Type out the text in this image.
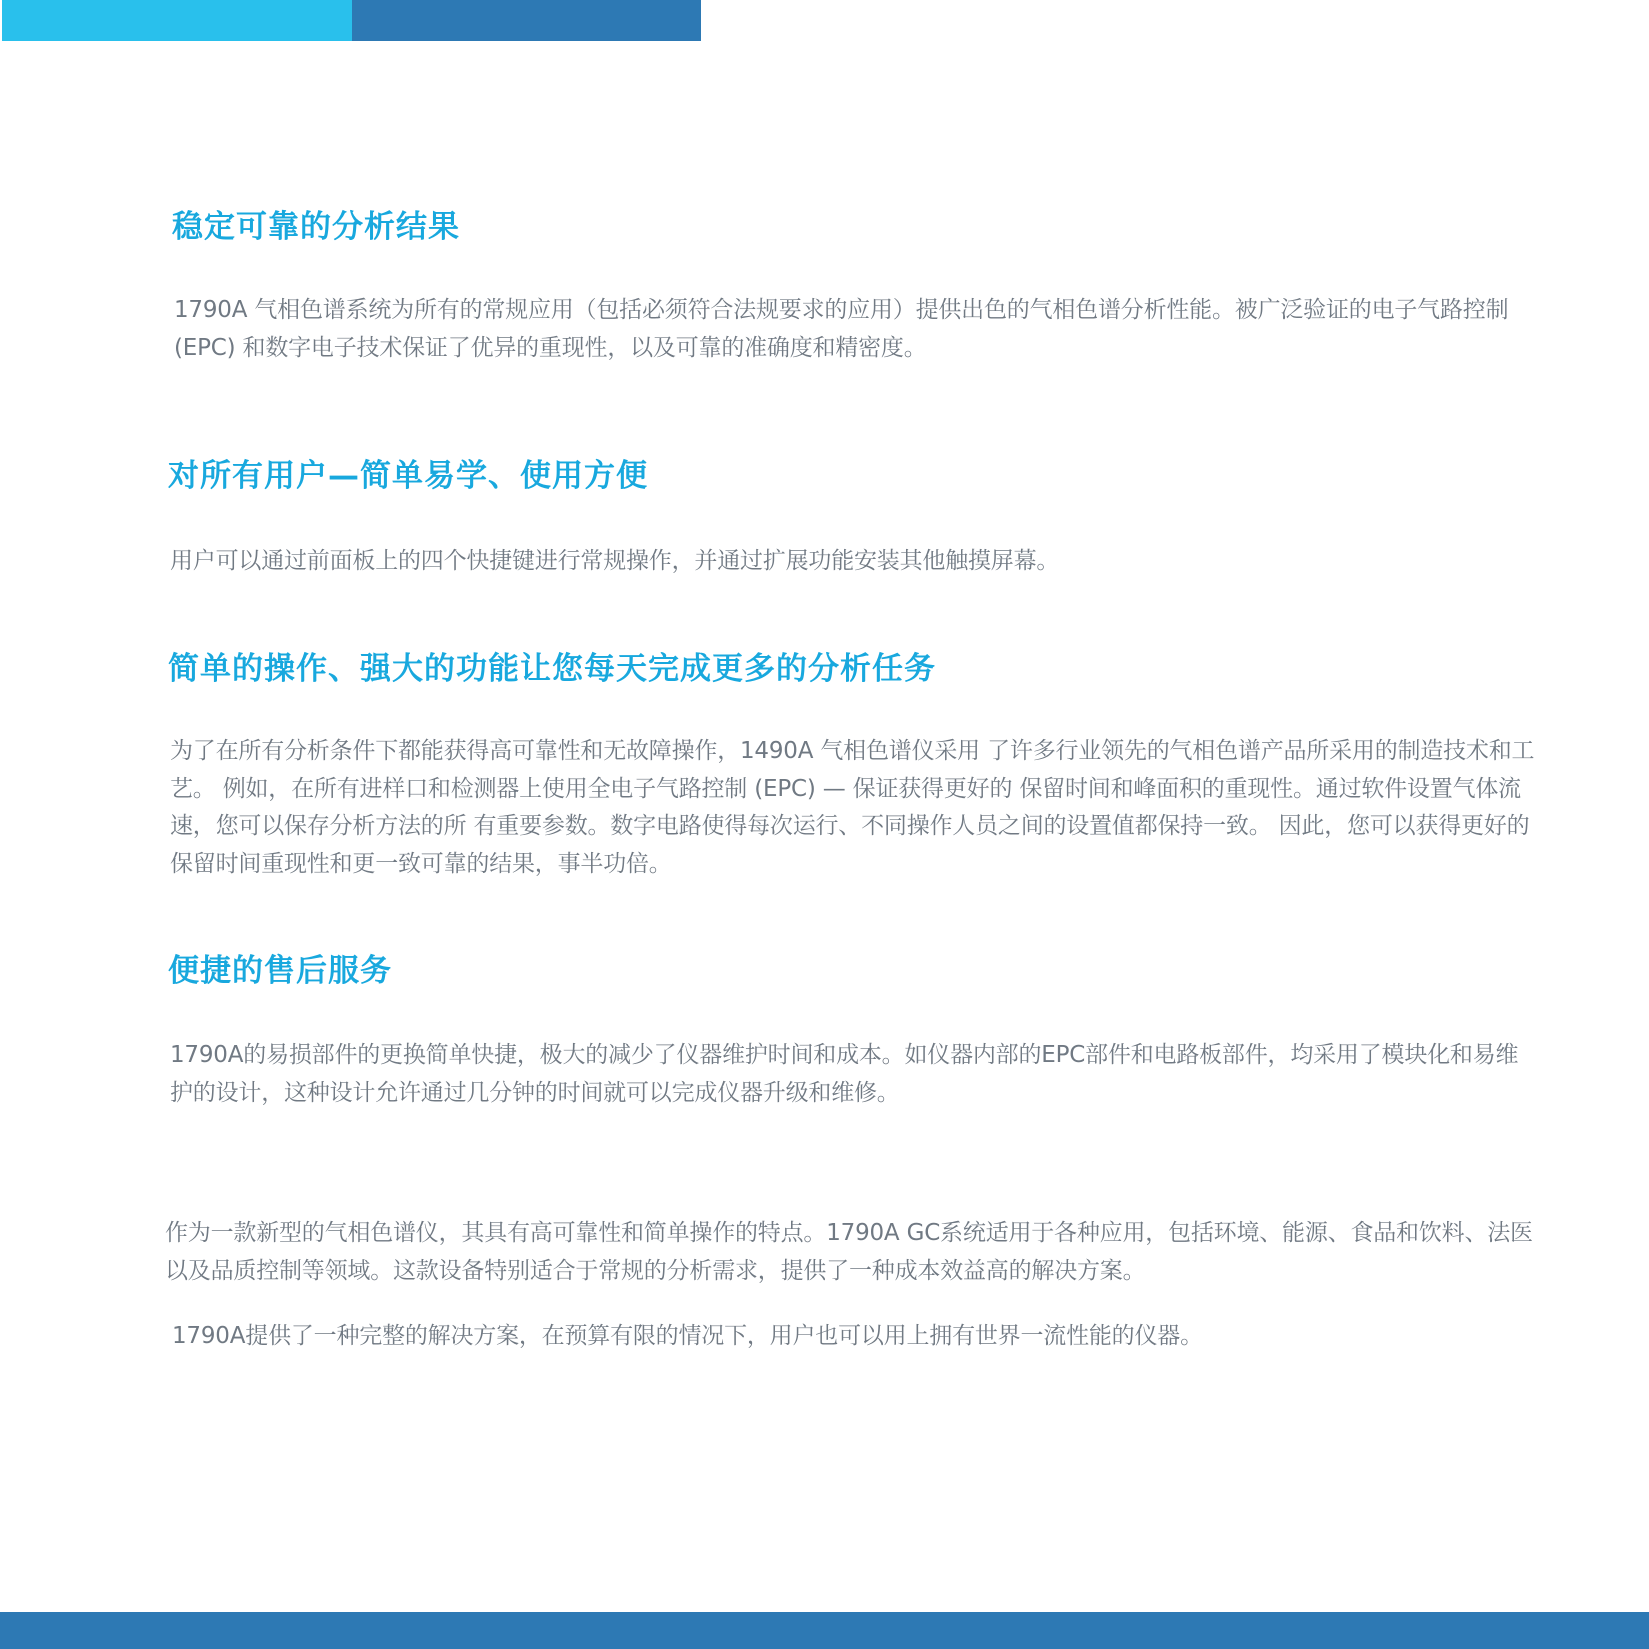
稳定可靠的分析结果

1790A 气相色谱系统为所有的常规应用（包括必须符合法规要求的应用）提供出色的气相色谱分析性能。被广泛验证的电子气路控制 (EPC) 和数字电子技术保证了优异的重现性，以及可靠的准确度和精密度。

对所有用户—简单易学、使用方便

用户可以通过前面板上的四个快捷键进行常规操作，并通过扩展功能安装其他触摸屏幕。

简单的操作、强大的功能让您每天完成更多的分析任务

为了在所有分析条件下都能获得高可靠性和无故障操作，1490A 气相色谱仪采用 了许多行业领先的气相色谱产品所采用的制造技术和工艺。 例如，在所有进样口和检测器上使用全电子气路控制 (EPC) — 保证获得更好的 保留时间和峰面积的重现性。通过软件设置气体流速，您可以保存分析方法的所 有重要参数。数字电路使得每次运行、不同操作人员之间的设置值都保持一致。 因此，您可以获得更好的保留时间重现性和更一致可靠的结果，事半功倍。

便捷的售后服务

1790A的易损部件的更换简单快捷，极大的减少了仪器维护时间和成本。如仪器内部的EPC部件和电路板部件，均采用了模块化和易维护的设计，这种设计允许通过几分钟的时间就可以完成仪器升级和维修。

作为一款新型的气相色谱仪，其具有高可靠性和简单操作的特点。1790A GC系统适用于各种应用，包括环境、能源、食品和饮料、法医以及品质控制等领域。这款设备特别适合于常规的分析需求，提供了一种成本效益高的解决方案。

1790A提供了一种完整的解决方案，在预算有限的情况下，用户也可以用上拥有世界一流性能的仪器。
